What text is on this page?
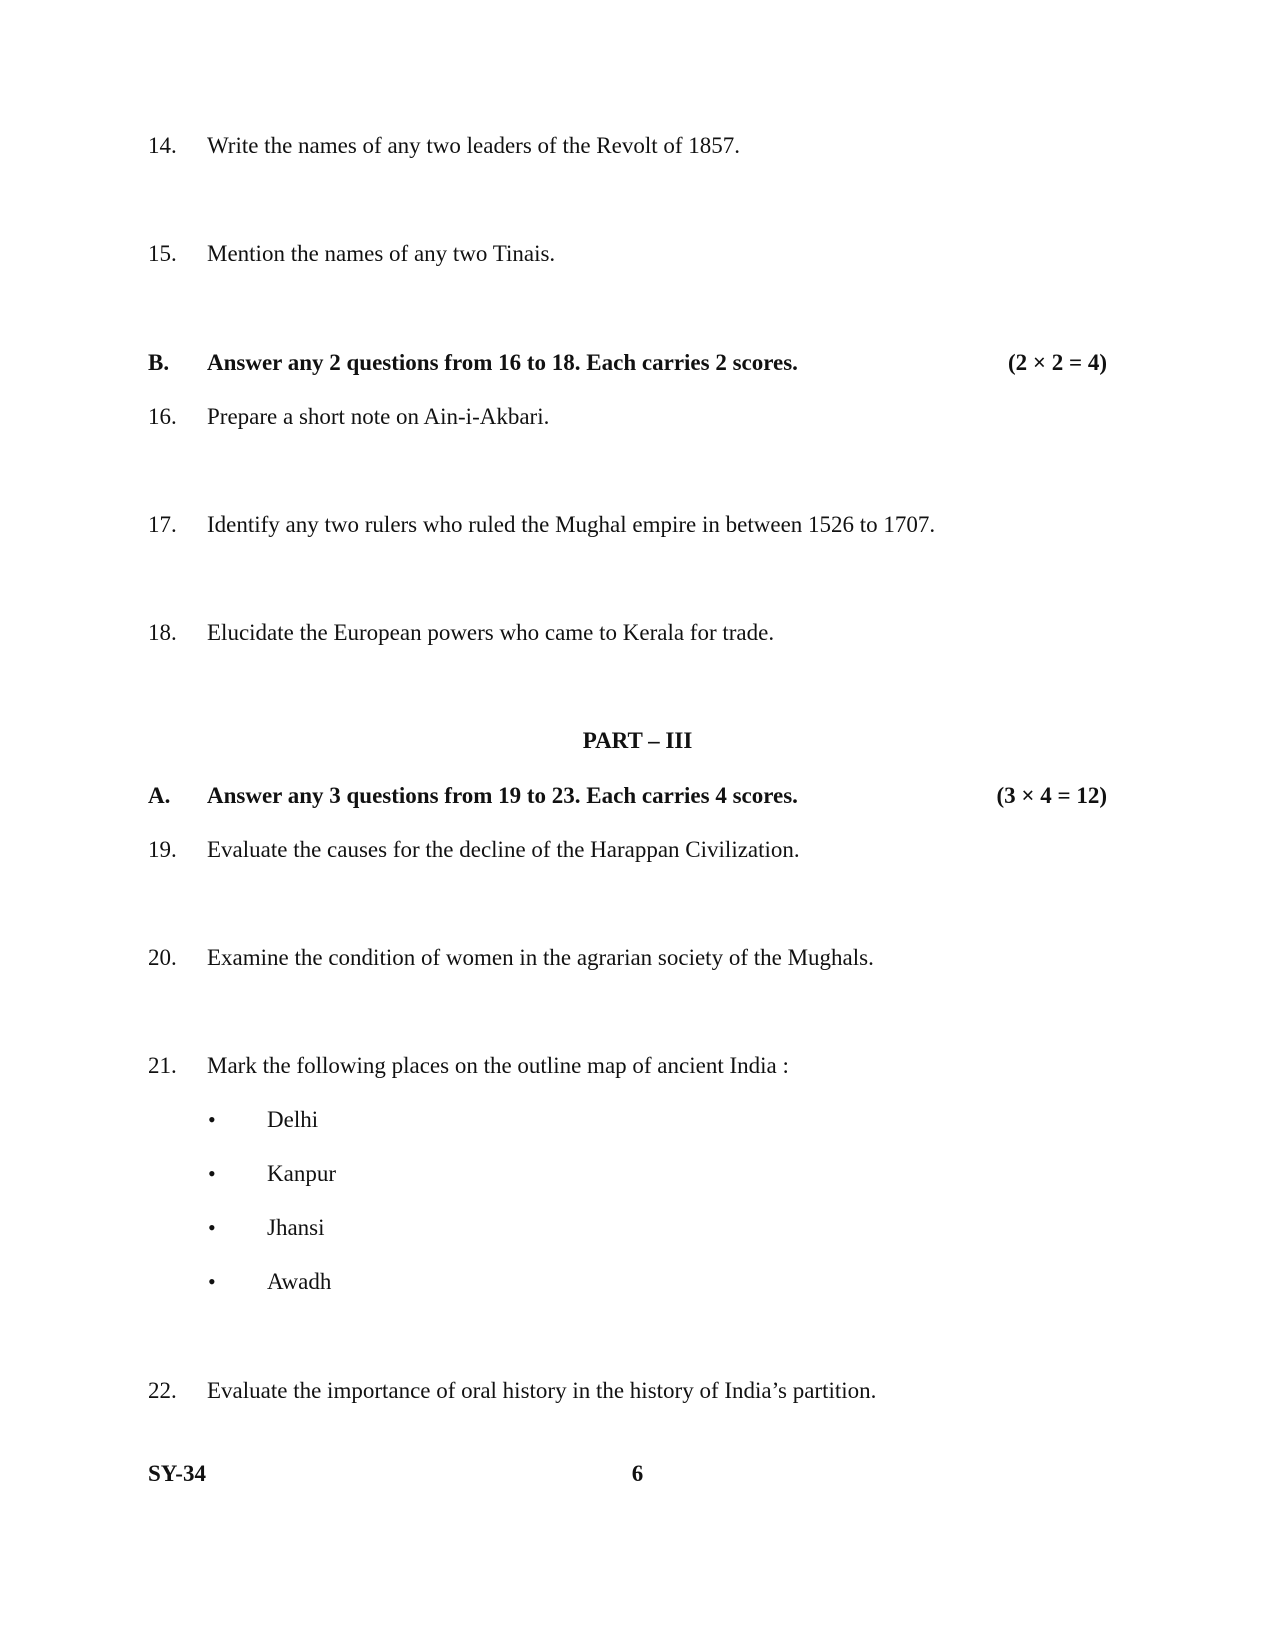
14. Write the names of any two leaders of the Revolt of 1857.
15. Mention the names of any two Tinais.
B. Answer any 2 questions from 16 to 18. Each carries 2 scores.	(2 × 2 = 4)
16. Prepare a short note on Ain-i-Akbari.
17. Identify any two rulers who ruled the Mughal empire in between 1526 to 1707.
18. Elucidate the European powers who came to Kerala for trade.
PART – III
A. Answer any 3 questions from 19 to 23. Each carries 4 scores.	(3 × 4 = 12)
19. Evaluate the causes for the decline of the Harappan Civilization.
20. Examine the condition of women in the agrarian society of the Mughals.
21. Mark the following places on the outline map of ancient India :
• Delhi
• Kanpur
• Jhansi
• Awadh
22. Evaluate the importance of oral history in the history of India’s partition.
SY-34	6
